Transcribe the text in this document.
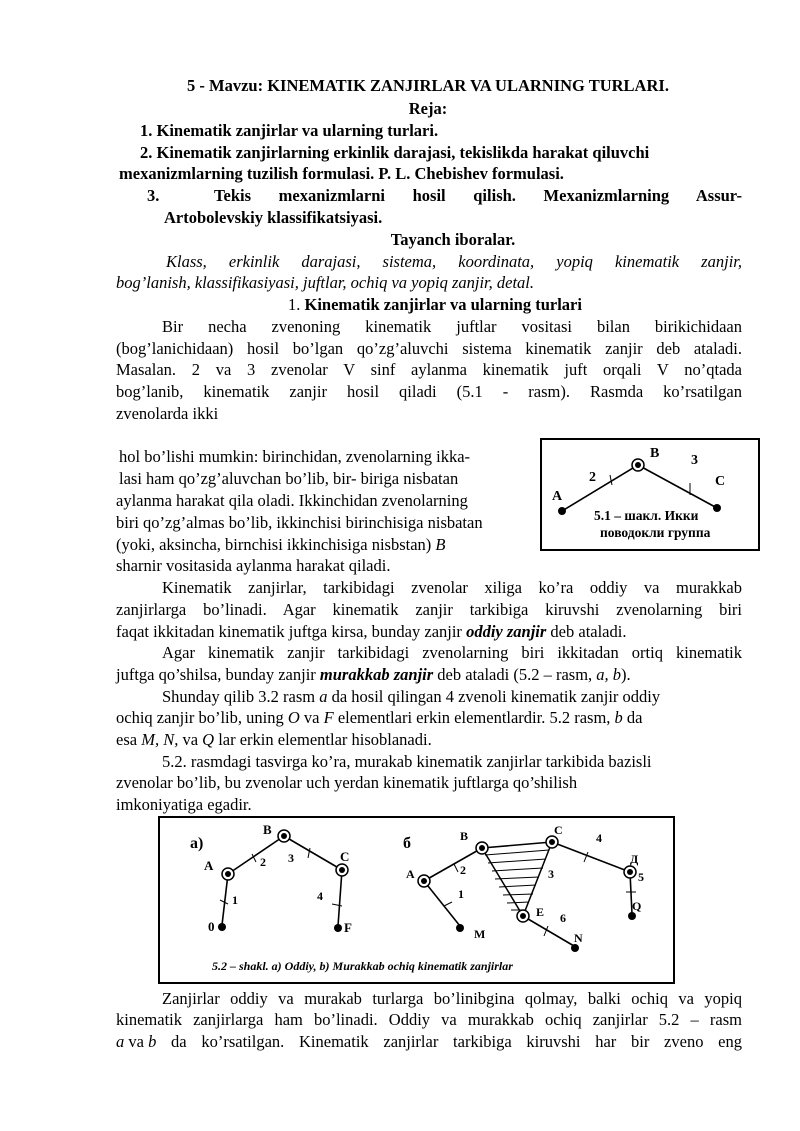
5 - Mavzu: KINEMATIK ZANJIRLAR VA ULARNING TURLARI.
Reja:
1. Kinematik zanjirlar va ularning turlari.
2. Kinematik zanjirlarning erkinlik darajasi, tekislikda harakat qiluvchi
mexanizmlarning tuzilish formulasi. P. L. Chebishev formulasi.
3.	Tekis mexanizmlarni hosil qilish. Mexanizmlarning Assur-
Artobolevskiy klassifikatsiyasi.
Tayanch iboralar.
Klass, erkinlik darajasi, sistema, koordinata, yopiq kinematik zanjir,
bog’lanish, klassifikasiyasi, juftlar, ochiq va yopiq zanjir, detal.
1. Kinematik zanjirlar va ularning turlari
Bir necha zvenoning kinematik juftlar vositasi bilan birikichidaan
(bog’lanichidaan) hosil bo’lgan qo’zg’aluvchi sistema kinematik zanjir deb ataladi.
Masalan. 2 va 3 zvenolar V sinf aylanma kinematik juft orqali V no’qtada
bog’lanib, kinematik zanjir hosil qiladi (5.1 - rasm). Rasmda ko’rsatilgan
zvenolarda ikki
hol bo’lishi mumkin: birinchidan, zvenolarning ikka-
lasi ham qo’zg’aluvchan bo’lib, bir- biriga nisbatan
aylanma harakat qila oladi. Ikkinchidan zvenolarning
biri qo’zg’almas bo’lib, ikkinchisi birinchisiga nisbatan
(yoki, aksincha, birnchisi ikkinchisiga nisbstan) B
sharnir vositasida aylanma harakat qiladi.
B 3
C
2
A
5.1 – шакл. Икки
поводокли группа
Kinematik zanjirlar, tarkibidagi zvenolar xiliga ko’ra oddiy va murakkab
zanjirlarga bo’linadi. Agar kinematik zanjir tarkibiga kiruvshi zvenolarning biri
faqat ikkitadan kinematik juftga kirsa, bunday zanjir oddiy zanjir deb ataladi.
Agar kinematik zanjir tarkibidagi zvenolarning biri ikkitadan ortiq kinematik
juftga qo’shilsa, bunday zanjir murakkab zanjir deb ataladi (5.2 – rasm, a, b).
Shunday qilib 3.2 rasm a da hosil qilingan 4 zvenoli kinematik zanjir oddiy
ochiq zanjir bo’lib, uning O va F elementlari erkin elementlardir. 5.2 rasm, b da
esa M, N, va Q lar erkin elementlar hisoblanadi.
5.2. rasmdagi tasvirga ko’ra, murakab kinematik zanjirlar tarkibida bazisli
zvenolar bo’lib, bu zvenolar uch yerdan kinematik juftlarga qo’shilish
imkoniyatiga egadir.
а)
B
A
C
2 3
1	4
0	F
б	B	C
4
Д
5
Q
A	2
1
3
E 6
M	N
5.2 – shakl. a) Oddiy, b) Murakkab ochiq kinematik zanjirlar
Zanjirlar oddiy va murakab turlarga bo’linibgina qolmay, balki ochiq va yopiq
kinematik zanjirlarga ham bo’linadi. Oddiy va murakkab ochiq zanjirlar 5.2 – rasm
a va b da ko’rsatilgan. Kinematik zanjirlar tarkibiga kiruvshi har bir zveno eng
